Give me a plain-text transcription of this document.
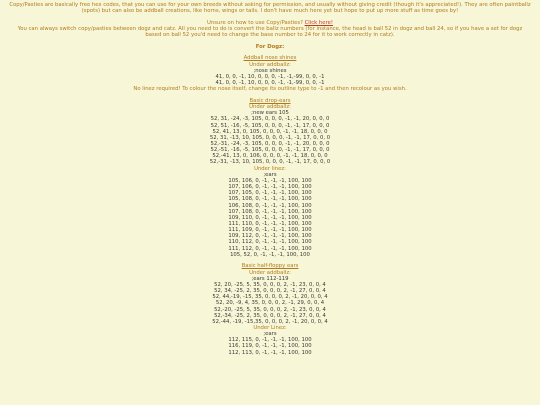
Copy/Pasties are basically free hex codes, that you can use for your own breeds without asking for permission, and usually without giving credit (though it's appreciated!). They are often paintballz (spots) but can also be addball creations, like horns, wings or tails. I don't have much here yet but hope to put up more stuff as time goes by!
Unsure on how to use Copy/Pasties? Click here!
You can always switch copy/pasties between dogz and catz. All you need to do is convert the ballz numbers (for instance, the head is ball 52 in dogz and ball 24, so if you have a set for dogz based on ball 52 you'd need to change the base number to 24 for it to work correctly in catz).
For Dogz:
Addball nose shines
Under addballz:
;nose shines
41, 0, 0, -1, 10, 0, 0, 0, -1, -1,-99, 0, 0, -1
41, 0, 0, -1, 10, 0, 0, 0, -1, -1,-99, 0, 0, -1
No linez required! To colour the nose itself, change its outline type to -1 and then recolour as you wish.
Basic drop-ears
Under addballz:
;new ears 105
52, 31, -24, -3, 105, 0, 0, 0, -1, -1, 20, 0, 0, 0
52, 51, -16, -5, 105, 0, 0, 0, -1, -1, 17, 0, 0, 0
52, 41, 13, 0, 105, 0, 0, 0, -1, -1, 18, 0, 0, 0
52, 31, -13, 10, 105, 0, 0, 0, -1, -1, 17, 0, 0, 0
52,-31, -24, -3, 105, 0, 0, 0, -1, -1, 20, 0, 0, 0
52,-51, -16, -5, 105, 0, 0, 0, -1, -1, 17, 0, 0, 0
52,-41, 13, 0, 106, 0, 0, 0, -1, -1, 18, 0, 0, 0
52,-31, -13, 10, 105, 0, 0, 0, -1, -1, 17, 0, 0, 0
Under linez:
;ears
105, 106, 0, -1, -1, -1, 100, 100
107, 106, 0, -1, -1, -1, 100, 100
107, 105, 0, -1, -1, -1, 100, 100
105, 108, 0, -1, -1, -1, 100, 100
106, 108, 0, -1, -1, -1, 100, 100
107, 108, 0, -1, -1, -1, 100, 100
109, 110, 0, -1, -1, -1, 100, 100
111, 110, 0, -1, -1, -1, 100, 100
111, 109, 0, -1, -1, -1, 100, 100
109, 112, 0, -1, -1, -1, 100, 100
110, 112, 0, -1, -1, -1, 100, 100
111, 112, 0, -1, -1, -1, 100, 100
105, 52, 0, -1, -1, -1, 100, 100
Basic half-floppy ears
Under addballz:
;ears 112-119
52, 20, -25, 5, 35, 0, 0, 0, 2, -1, 23, 0, 0, 4
52, 34, -25, 2, 35, 0, 0, 0, 2, -1, 27, 0, 0, 4
52, 44,-19, -15, 35, 0, 0, 0, 2, -1, 20, 0, 0, 4
52, 20, -9, 4, 35, 0, 0, 0, 2, -1, 29, 0, 0, 4
52,-20, -25, 5, 35, 0, 0, 0, 2, -1, 23, 0, 0, 4
52,-34, -25, 2, 35, 0, 0, 0, 2, -1, 27, 0, 0, 4
52,-44, -19, -15,35, 0, 0, 0, 2, -1, 20, 0, 0, 4
Under Linez:
;ears
112, 115, 0, -1, -1, -1, 100, 100
116, 119, 0, -1, -1, -1, 100, 100
112, 113, 0, -1, -1, -1, 100, 100
